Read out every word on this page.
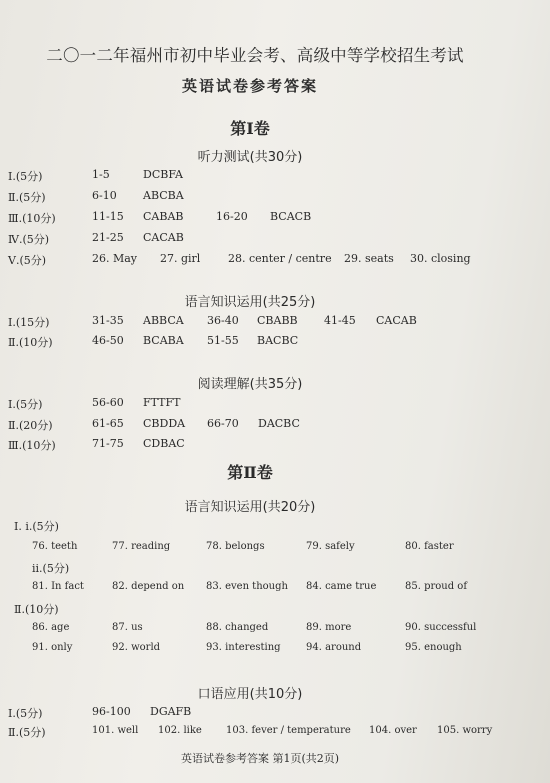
二〇一二年福州市初中毕业会考、高级中等学校招生考试
英语试卷参考答案
第Ⅰ卷
听力测试(共30分)
Ⅰ.(5分)	1-5	DCBFA
Ⅱ.(5分)	6-10 ABCBA
Ⅲ.(10分)	11-15 CABAB	16-20 BCACB
Ⅳ.(5分)	21-25 CACAB
Ⅴ.(5分)	26. May 27. girl	28. center / centre 29. seats 30. closing
语言知识运用(共25分)
Ⅰ.(15分)	31-35 ABBCA 36-40 CBABB 41-45 CACAB
Ⅱ.(10分)	46-50 BCABA 51-55 BACBC
阅读理解(共35分)
Ⅰ.(5分)	56-60 FTTFT
Ⅱ.(20分)	61-65 CBDDA 66-70 DACBC
Ⅲ.(10分)	71-75 CDBAC
第Ⅱ卷
语言知识运用(共20分)
Ⅰ. ⅰ.(5分)
76. teeth	77. reading	78. belongs	79. safely	80. faster
ⅱ.(5分)
81. In fact	82. depend on 83. even though 84. came true	85. proud of
Ⅱ.(10分)
86. age	87. us	88. changed	89. more	90. successful
91. only	92. world	93. interesting	94. around	95. enough
口语应用(共10分)
Ⅰ.(5分)	96-100 DGAFB
Ⅱ.(5分)	101. well 102. like 103. fever / temperature 104. over 105. worry
英语试卷参考答案 第1页(共2页)
